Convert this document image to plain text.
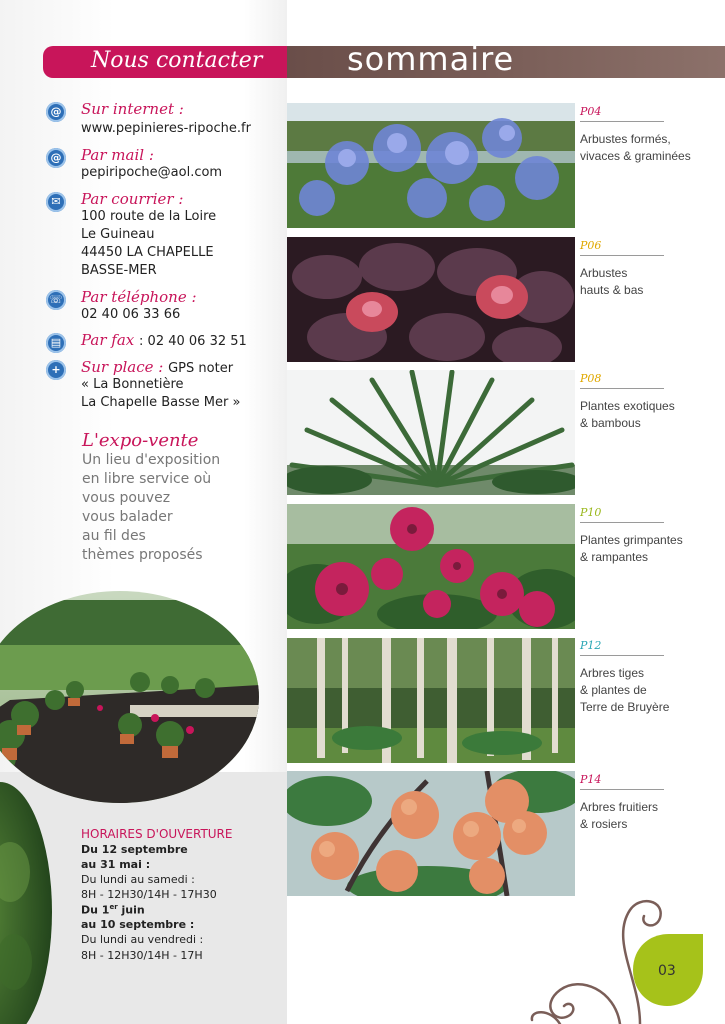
Nous contacter	sommaire
@	Sur internet :
www.pepinieres-ripoche.fr
@	Par mail :
pepiripoche@aol.com
✉	Par courrier :
100 route de la Loire
Le Guineau
44450 LA CHAPELLE
BASSE-MER
☏ Par téléphone :
02 40 06 33 66
▤	Par fax : 02 40 06 32 51
+	Sur place : GPS noter
« La Bonnetière
La Chapelle Basse Mer »
L'expo-vente
Un lieu d'exposition
en libre service où
vous pouvez
vous balader
au fil des
thèmes proposés
HORAIRES D'OUVERTURE
Du 12 septembre
au 31 mai :
Du lundi au samedi :
8H - 12H30/14H - 17H30
Du 1er juin
au 10 septembre :
Du lundi au vendredi :
8H - 12H30/14H - 17H
P04
Arbustes formés,
vivaces & graminées
P06
Arbustes
hauts & bas
P08
Plantes exotiques
& bambous
P10
Plantes grimpantes
& rampantes
P12
Arbres tiges
& plantes de
Terre de Bruyère
P14
Arbres fruitiers
& rosiers
03
